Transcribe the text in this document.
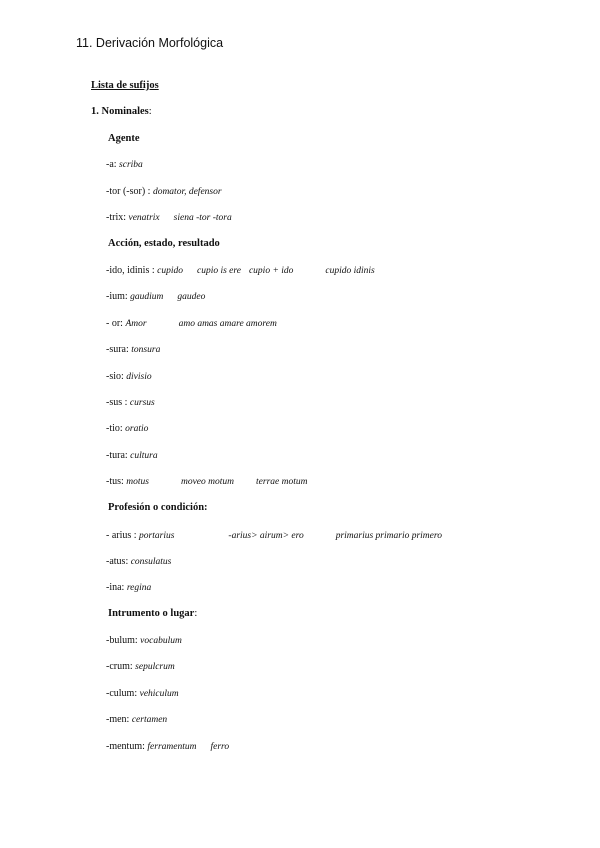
11. Derivación Morfológica
Lista de sufijos
1. Nominales:
Agente
-a: scriba
-tor (-sor) : domator, defensor
-trix: venatrix siena -tor -tora
Acción, estado, resultado
-ido, idinis : cupido cupio is ere cupio + ido	cupido idinis
-ium: gaudium gaudeo
- or: Amor	amo amas amare amorem
-sura: tonsura
-sio: divisio
-sus : cursus
-tio: oratio
-tura: cultura
-tus: motus	moveo motum terrae motum
Profesión o condición:
- arius : portarius	-arius> airum> ero	primarius primario primero
-atus: consulatus
-ina: regina
Intrumento o lugar:
-bulum: vocabulum
-crum: sepulcrum
-culum: vehiculum
-men: certamen
-mentum: ferramentum ferro
